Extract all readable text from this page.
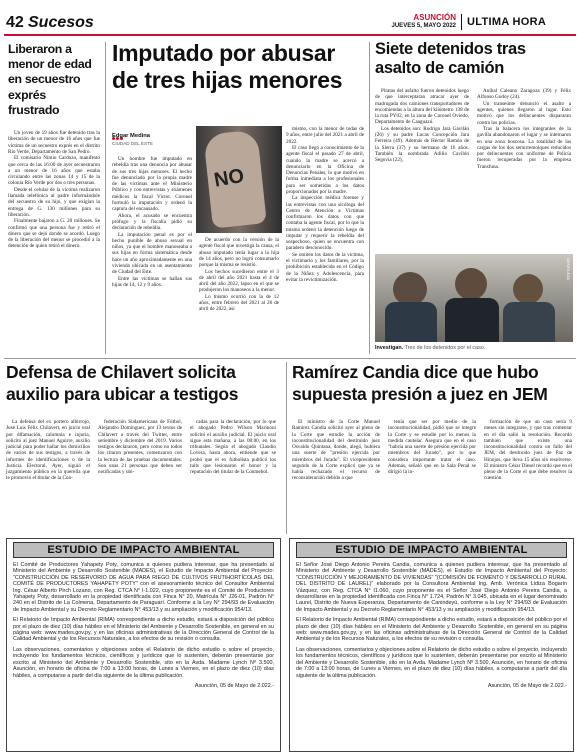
42 Sucesos	ASUNCIÓN
JUEVES 5, MAYO 2022 ULTIMA HORA
Liberaron a menor de edad en secuestro exprés frustrado

Un joven de 19 años fue detenido tras la liberación de un menor de 16 años que fue víctima de un secuestro exprés en el distrito Río Verde, Departamento de San Pedro.

El comisario Nimio Cardozo, manifestó que cerca de las 16:00 de ayer secuestraron a un menor de 16 años que estaba circulando entre las zonas 14 y 15 de la colonia Río Verde por dos o tres personas.

Desde el celular de la víctima realizaron llamada telefónica al padre informándole del secuestro de su hijo, y que exigían la entrega de G. 130 millones para su liberación.

Finalmente bajaron a G. 20 millones. Se confirmó que una persona fue y retiró el dinero que se dejó donde se acordó. Luego de la liberación del menor se procedió a la detención de quien retiró el dinero.

Imputado por abusar de tres hijas menores
Edgar Medina
CIUDAD DEL ESTE
NO

Un hombre fue imputado en rebeldía tras una denuncia por abusar de sus tres hijas menores. El hecho fue denunciado por la propia madre de las víctimas ante el Ministerio Público y con entrevistas y exámenes médicos la fiscal Victor. Coronel formuló la imputación y ordenó la captura del encausado.

Ahora, el acusado se encuentra prófugo y la fiscalía pidió su declaración de rebeldía.

La imputación penal es por el hecho punible de abuso sexual en niños, ya que el hombre manoseaba a sus hijas en forma sistemática desde hace un año aproximadamente en una vivienda ubicada en un asentamiento de Ciudad del Este.

Entre las víctimas se hallan sus hijas de 14, 12 y 9 años.

De acuerdo con la versión de la agente fiscal que investiga la causa, el abuso imputado tenía lugar a la hija de 14 años, pero no logró consumarlo porque la misma se resistió.

Los hechos sucedieron entre el 3 de abril del año 2021 hasta el 4 de abril del año 2022, lapso en el que se produjeron los manoseos a la menor.

Lo mismo ocurrió con la de 12 años, entre febrero del 2021 al 26 de abril de 2022, así

mismo, con la menor de todas de 9 años, entre julio del 2021 a abril de 2022.

El caso llegó a conocimiento de la agente fiscal el pasado 27 de abril, cuando la madre se acercó a denunciarlo en la Oficina de Denuncias Penales, lo que motivó en forma inmediata a los profesionales para ser sometidas a los datos proporcionados por la madre.

La inspección médica forense y las entrevistas con una sicóloga del Centro de Atención a Víctimas confirmaron los datos con que contaba la agente fiscal, por lo que la misma ordenó la detención luego de imputar y requerir la rebeldía del sospechoso, quien se encuentra con paradero desconocido.

Se omiten los datos de la víctima, el victimario y los familiares, por la prohibición establecida en el Código de la Niñez y Adolescencia, para evitar la revictimización.

Siete detenidos tras asalto de camión

Piratas del asfalto fueron detenidos luego de que interceptaran atracar ayer de madrugada dos camiones transportadores de encomiendas a la altura del kilómetro 138 de la ruta PY02, en la zona de Coronel Oviedo, Departamento de Caaguazú.

Los detenidos son: Rodrigo Jara Gavilán (26) y su padre Lucas Concepción Jara Ferreira (49). Además de Héctor Ramón de la Sierra (37) y su hermano de 16 años. También la nombrada Adilio Cavilón Segovia (22),

Aníbal Caleano Zaragoza (39) y Félix Alfonso Godoy (24).

Un transeúnte denunció el asalto a agentes, quienes llegaron al lugar. Esto motivó que los delincuentes dispararan contra los policías.

Tras la balacera los integrantes de la gavilla abandonaron el lugar y se internaron en una zona boscosa. La totalidad de las cargas de los dos semirremolques reducidos por delincuentes con uniforme de Policía fueron recuperadas por la empresa Transfuna.

GENTILEZA
Investigan. Tres de los detenidos por el caso.
Defensa de Chilavert solicita auxilio para ubicar a testigos
La defensa del ex portero albirrojo, José Luis Félix Chilavert, en juicio oral por difamación, calumnia e injuria, solicitó al juez Manuel Aguirre, auxilio judicial para poder hallar los domicilios de varios de sus testigos, a través de informes de identificaciones o de la Justicia Electoral. Ayer, siguió el juzgamiento público en la querella que le promovió el titular de la Con-
federación Sudamericana de Fútbol, Alejandro Domínguez, por 13 textos de Chilavert a través del Twitter, entre setiembre y diciembre del 2019. Varios testigos declararon, pero como no todos los citaron presentes, comenzaron con la lectura de las pruebas documentales. Son unas 21 personas que deben ser notificadas y ubi-
cadas para la declaración, por lo que el abogado Pedro Wilson Marinoni solicitó el auxilio judicial. El juicio oral sigue esta mañana, a las 08:00, en los tribunales. Según el abogado Claudio Lovera, hasta ahora, entiende que se probó que el ex futbolista publicó los tuits que lesionaron el honor y la reputación del titular de la Conmebol.
Ramírez Candia dice que hubo supuesta presión a juez en JEM
El ministro de la Corte Manuel Ramírez Candia solicitó ayer al pleno de la Corte que estudie la acción de inconstitucionalidad del destituido juez Osvaldo Quintana, donde, alegó, hubiera una suerte de "presión ejercida por miembros del Jurado". El vicepresidente segundo de la Corte explicó que ya se había rechazado el recurso de reconsideración debido a que
tenía que ser por medio de la inconstitucionalidad, pidió que se integre la Corte y se estudie por lo menos la medida cautelar. Asegura que en el caso "habría una suerte de presión ejercida por miembros del Jurado", por lo que considera importante tratar el caso. Además, señaló que en la Sala Penal se dirigió la in-
formación de que un caso sería 9 meses sin integrarse, y que tras comentar en el día salió la resolución. Recordó también que existe una inconstitucionalidad contra un fallo del JEM, del destituido juez de Paz de Hinojos, que lleva 15 años sin resolverse. El ministro César Diesel recordó que en el pleno de la Corte el que debe resolver la cuestión.
ESTUDIO DE IMPACTO AMBIENTAL

El Comité de Productores Yahapety Poty, comunica a quienes pudiera interesar, que ha presentado al Ministerio del Ambiente y Desarrollo Sostenible (MADES), el Estudio de Impacto Ambiental del Proyecto: "CONSTRUCCIÓN DE RESERVORIO DE AGUA PARA RIEGO DE CULTIVOS FRUTIHORTÍCOLAS DEL COMITÉ DE PRODUCTORES YAHAPETY POTY" con el asesoramiento técnico del Consultor Ambiental Ing. César Alberto Pirch Lozano, con Reg. CTCA N° I-1.022, cuyo proponente es el Comité de Productores Yahapety Poty, desarrollado en la propiedad identificada con Finca N° 20, Matrícula N° J26-01, Padrón N° 240 en el Distrito de La Colmena, Departamento de Paraguarí. Conforme a la Ley N° 294/93 de Evaluación de Impacto Ambiental y su Decreto Reglamentario N° 453/13 y su ampliación y modificación 954/13.

El Relatorio de Impacto Ambiental (RIMA) correspondiente a dicho estudio, estará a disposición del público por el plazo de diez (10) días hábiles en el Ministerio del Ambiente y Desarrollo Sostenible, en general en su página web: www.mades.gov.py, y en las oficinas administrativas de la Dirección General de Control de la Calidad Ambiental y de los Recursos Naturales, a los efectos de su revisión o consulta.

Las observaciones, comentarios y objeciones sobre el Relatorio de dicho estudio o sobre el proyecto, incluyendo los fundamentos técnicos, científicos y jurídicos que lo sustenten, deberán presentarse por escrito al Ministerio del Ambiente y Desarrollo Sostenible, sito en la Avda. Madame Lynch Nº 3.500, Asunción, en horario de oficina de 7:00 a 13:00 horas, de Lunes a Viernes, en el plazo de diez (10) días hábiles, a computarse a partir del día siguiente de la última publicación.

Asunción, 05 de Mayo de 2.022.-

ESTUDIO DE IMPACTO AMBIENTAL

El Señor José Diego Antonio Pereira Candia, comunica a quienes pudiera interesar, que ha presentado al Ministerio del Ambiente y Desarrollo Sostenible (MADES), el Estudio de Impacto Ambiental del Proyecto: "CONSTRUCCIÓN Y MEJORAMIENTO DE VIVIENDAS" "(COMISIÓN DE FOMENTO Y DESARROLLO RURAL DEL DISTRITO DE LAUREL)" elaborado por la Consultora Ambiental Ing. Amb. Verónica Lidiza Bogarín Vázquez, con Reg. CTCA N° I1.060, cuyo proponente es el Señor José Diego Antonio Pereira Candia, a desarrollarse en la propiedad identificada con Finca N° 1.724, Padrón N° 3.045, ubicada en el lugar denominado Laurel, Distrito de Nueva Esperanza, Departamento de Canindeyú, conforme a la Ley N° 294/93 de Evaluación de Impacto Ambiental y su Decreto Reglamentario N° 453/13 y su ampliación y modificación 954/13.

El Relatorio de Impacto Ambiental (RIMA) correspondiente a dicho estudio, estará a disposición del público por el plazo de diez (10) días hábiles en el Ministerio del Ambiente y Desarrollo Sostenible, en general en su página web: www.mades.gov.py, y en las oficinas administrativas de la Dirección General de Control de la Calidad Ambiental y de los Recursos Naturales, a los efectos de su revisión o consulta.

Las observaciones, comentarios y objeciones sobre el Relatorio de dicho estudio o sobre el proyecto, incluyendo los fundamentos técnicos, científicos y jurídicos que lo sustenten, deberán presentarse por escrito al Ministerio del Ambiente y Desarrollo Sostenible, sito en la Avda. Madame Lynch Nº 3.500, Asunción, en horario de oficina de 7:00 a 13:00 horas, de Lunes a Viernes, en el plazo de diez (10) días hábiles, a computarse a partir del día siguiente de la última publicación.

Asunción, 05 de Mayo de 2.022.-
